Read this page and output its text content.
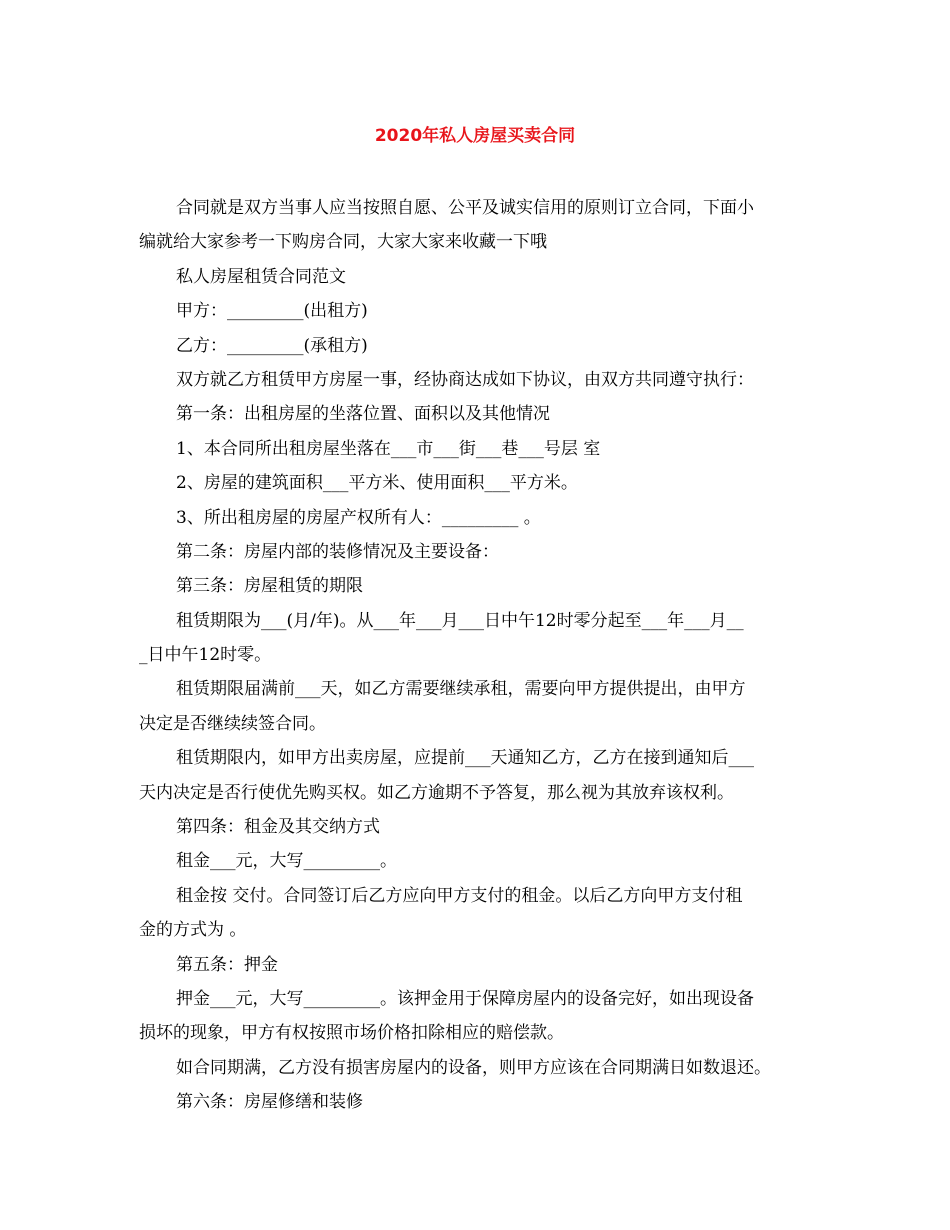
2020年私人房屋买卖合同
合同就是双方当事人应当按照自愿、公平及诚实信用的原则订立合同，下面小
编就给大家参考一下购房合同，大家大家来收藏一下哦
私人房屋租赁合同范文
甲方：_________(出租方)
乙方：_________(承租方)
双方就乙方租赁甲方房屋一事，经协商达成如下协议，由双方共同遵守执行：
第一条：出租房屋的坐落位置、面积以及其他情况
1、本合同所出租房屋坐落在___市___街___巷___号层 室
2、房屋的建筑面积___平方米、使用面积___平方米。
3、所出租房屋的房屋产权所有人：_________ 。
第二条：房屋内部的装修情况及主要设备：
第三条：房屋租赁的期限
租赁期限为___(月/年)。从___年___月___日中午12时零分起至___年___月__
_日中午12时零。
租赁期限届满前___天，如乙方需要继续承租，需要向甲方提供提出，由甲方
决定是否继续续签合同。
租赁期限内，如甲方出卖房屋，应提前___天通知乙方，乙方在接到通知后___
天内决定是否行使优先购买权。如乙方逾期不予答复，那么视为其放弃该权利。
第四条：租金及其交纳方式
租金___元，大写_________。
租金按 交付。合同签订后乙方应向甲方支付的租金。以后乙方向甲方支付租
金的方式为 。
第五条：押金
押金___元，大写_________。该押金用于保障房屋内的设备完好，如出现设备
损坏的现象，甲方有权按照市场价格扣除相应的赔偿款。
如合同期满，乙方没有损害房屋内的设备，则甲方应该在合同期满日如数退还。
第六条：房屋修缮和装修
